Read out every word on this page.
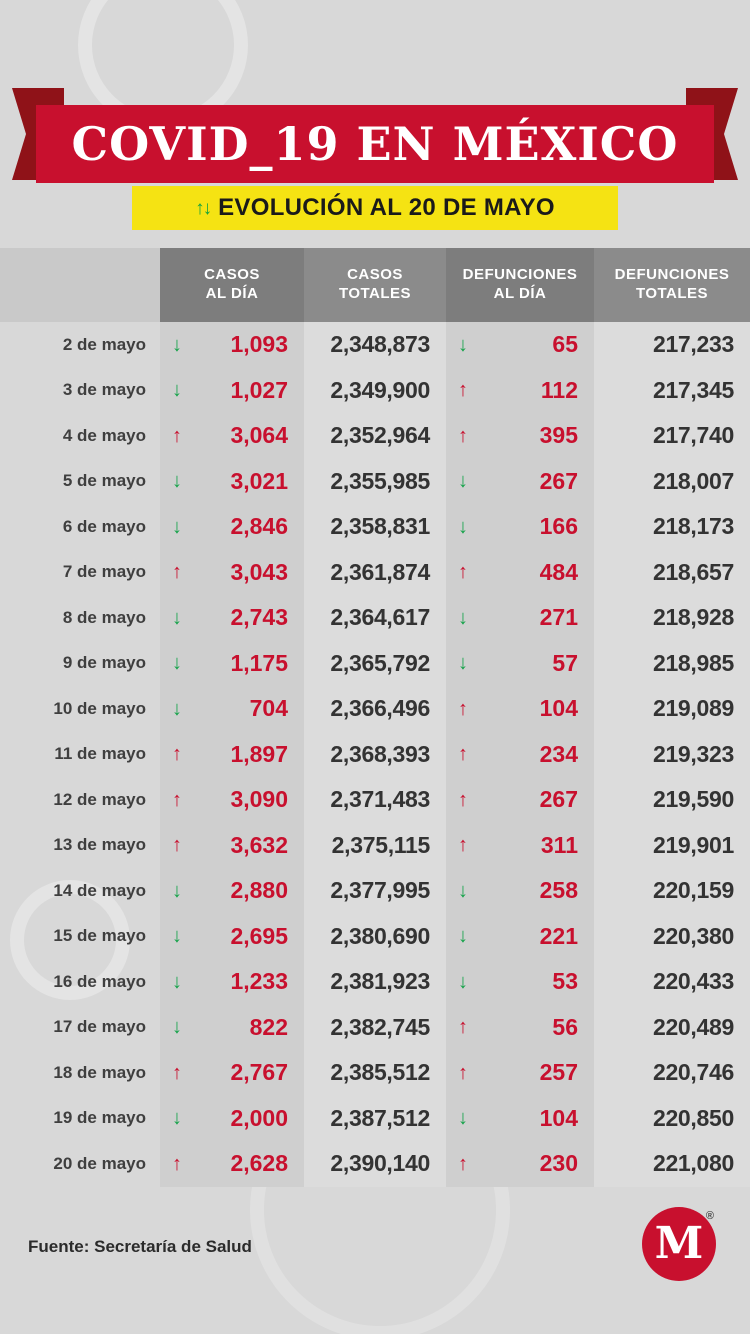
COVID_19 EN MÉXICO
↑ ↓ EVOLUCIÓN AL 20 DE MAYO
CASOS
AL DÍA
CASOS
TOTALES
DEFUNCIONES
AL DÍA
DEFUNCIONES
TOTALES
2 de mayo	↓	1,093	2,348,873	↓	65	217,233
3 de mayo	↓	1,027	2,349,900	↑	112	217,345
4 de mayo	↑	3,064	2,352,964	↑	395	217,740
5 de mayo	↓	3,021	2,355,985	↓	267	218,007
6 de mayo	↓	2,846	2,358,831	↓	166	218,173
7 de mayo	↑	3,043	2,361,874	↑	484	218,657
8 de mayo	↓	2,743	2,364,617	↓	271	218,928
9 de mayo	↓	1,175	2,365,792	↓	57	218,985
10 de mayo	↓	704	2,366,496	↑	104	219,089
11 de mayo	↑	1,897	2,368,393	↑	234	219,323
12 de mayo	↑	3,090	2,371,483	↑	267	219,590
13 de mayo	↑	3,632	2,375,115	↑	311	219,901
14 de mayo	↓	2,880	2,377,995	↓	258	220,159
15 de mayo	↓	2,695	2,380,690	↓	221	220,380
16 de mayo	↓	1,233	2,381,923	↓	53	220,433
17 de mayo	↓	822	2,382,745	↑	56	220,489
18 de mayo	↑	2,767	2,385,512	↑	257	220,746
19 de mayo	↓	2,000	2,387,512	↓	104	220,850
20 de mayo	↑	2,628	2,390,140	↑	230	221,080
Fuente: Secretaría de Salud	M
®
